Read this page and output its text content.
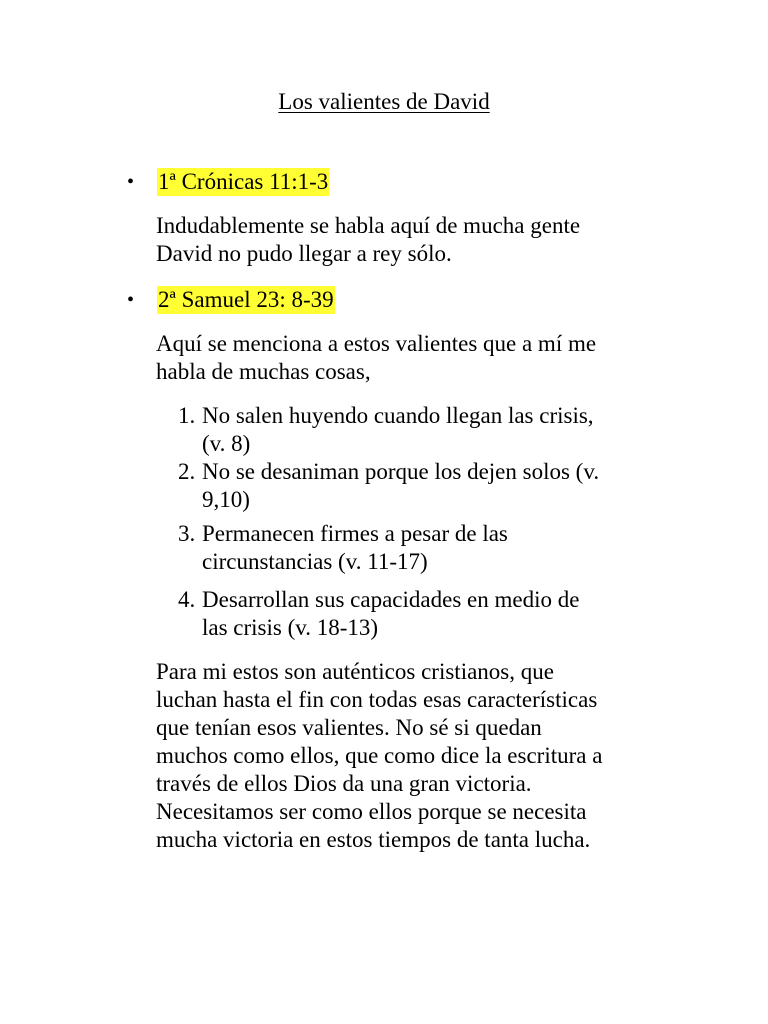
Los valientes de David
•	1ª Crónicas 11:1-3
Indudablemente se habla aquí de mucha gente
David no pudo llegar a rey sólo.
•	2ª Samuel 23: 8-39
Aquí se menciona a estos valientes que a mí me
habla de muchas cosas,
1. No salen huyendo cuando llegan las crisis,
(v. 8)
2. No se desaniman porque los dejen solos (v.
9,10)
3. Permanecen firmes a pesar de las
circunstancias (v. 11-17)
4. Desarrollan sus capacidades en medio de
las crisis (v. 18-13)
Para mi estos son auténticos cristianos, que
luchan hasta el fin con todas esas características
que tenían esos valientes. No sé si quedan
muchos como ellos, que como dice la escritura a
través de ellos Dios da una gran victoria.
Necesitamos ser como ellos porque se necesita
mucha victoria en estos tiempos de tanta lucha.
